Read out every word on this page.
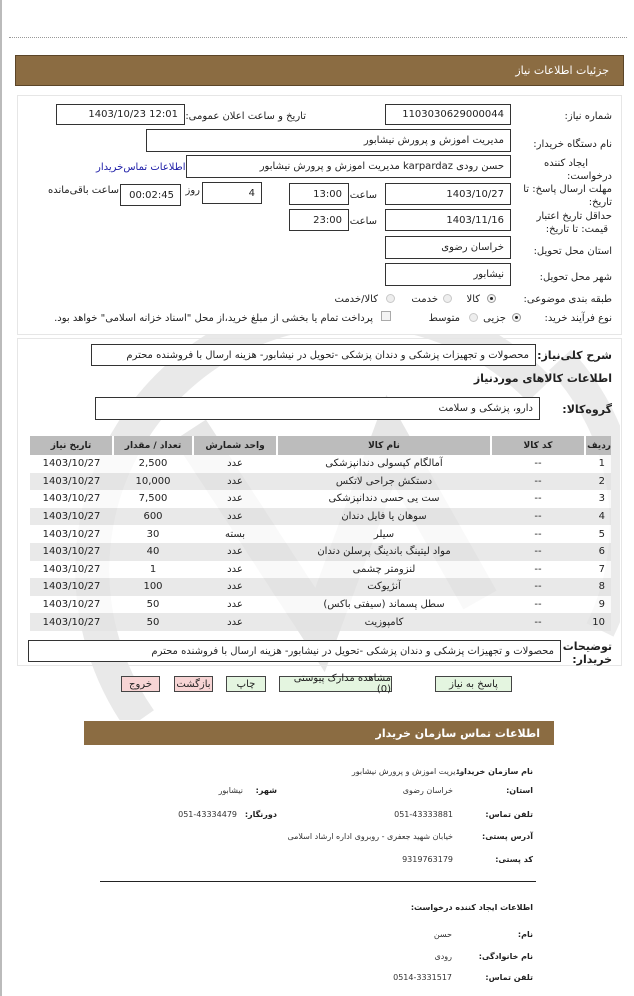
جزئیات اطلاعات نیاز
شماره نیاز:
1103030629000044
تاریخ و ساعت اعلان عمومی:
1403/10/23 12:01
نام دستگاه خریدار:
مدیریت اموزش و پرورش نیشابور
ایجاد کننده
درخواست:
حسن رودی karpardaz مدیریت اموزش و پرورش نیشابور
اطلاعات تماس‌خریدار
مهلت ارسال پاسخ: تا
تاریخ:
1403/10/27
ساعت
13:00
4
روز
00:02:45
ساعت باقی‌مانده
حداقل تاریخ اعتبار
قیمت: تا تاریخ:
1403/11/16
ساعت
23:00
استان محل تحویل:
خراسان رضوی
شهر محل تحویل:
نیشابور
طبقه بندی موضوعی:
کالا
خدمت
کالا/خدمت
نوع فرآیند خرید:
جزیی
متوسط
پرداخت تمام یا بخشی از مبلغ خرید،از محل "اسناد خزانه اسلامی" خواهد بود.
شرح کلی‌نیاز:
محصولات و تجهیزات پزشکی و دندان پزشکی -تحویل در نیشابور- هزینه ارسال با فروشنده محترم
اطلاعات کالاهای موردنیاز
گروه‌کالا:
دارو، پزشکی و سلامت
ردیف	کد کالا	نام کالا	واحد شمارش	تعداد / مقدار	تاریخ نیاز
1	--	آمالگام کپسولی دندانپزشکی	عدد	2,500	1403/10/27
2	--	دستکش جراحی لاتکس	عدد	10,000	1403/10/27
3	--	ست یی حسی دندانپزشکی	عدد	7,500	1403/10/27
4	--	سوهان یا فایل دندان	عدد	600	1403/10/27
5	--	سیلر	بسته	30	1403/10/27
6	--	مواد لیتینگ باندینگ پرسلن دندان	عدد	40	1403/10/27
7	--	لنزومتر چشمی	عدد	1	1403/10/27
8	--	آنژیوکت	عدد	100	1403/10/27
9	--	سطل پسماند (سیفتی باکس)	عدد	50	1403/10/27
10	--	کامپوزیت	عدد	50	1403/10/27
توضیحات
خریدار:
محصولات و تجهیزات پزشکی و دندان پزشکی -تحویل در نیشابور- هزینه ارسال با فروشنده محترم
پاسخ به نیاز
مشاهده مدارک پیوستی (0)
چاپ
بازگشت
خروج
اطلاعات تماس سازمان خریدار
نام سازمان خریدار:
مدیریت اموزش و پرورش نیشابور
استان:
خراسان رضوی
شهر:
نیشابور
تلفن تماس:
051-43333881
دورنگار:
051-43334479
آدرس پستی:
خیابان شهید جعفری - روبروی اداره ارشاد اسلامی
کد پستی:
9319763179
اطلاعات ایجاد کننده درخواست:
نام:
حسن
نام خانوادگی:
رودی
تلفن تماس:
0514-3331517
